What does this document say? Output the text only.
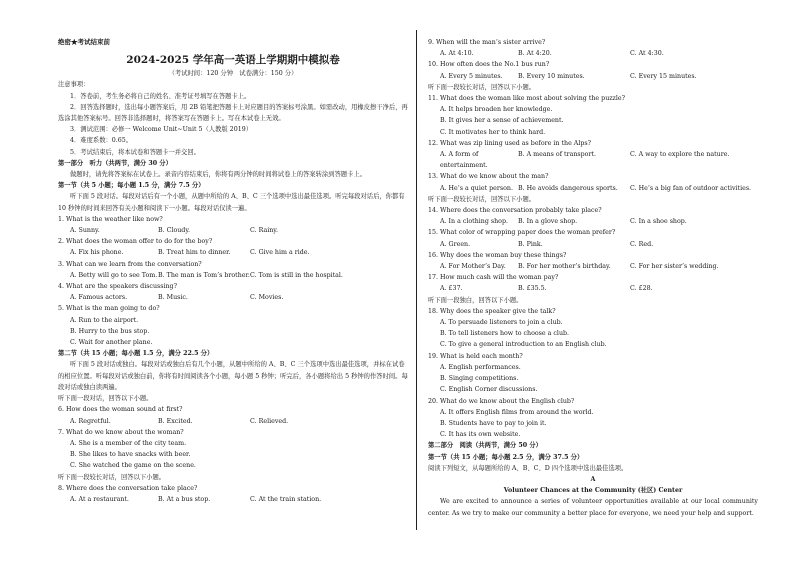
绝密★考试结束前
2024-2025 学年高一英语上学期期中模拟卷
（考试时间：120 分钟　试卷满分：150 分）
注意事项：
1．答卷前，考生务必将自己的姓名、准考证号填写在答题卡上。
2．回答选择题时，选出每小题答案后，用 2B 铅笔把答题卡上对应题目的答案标号涂黑。如需改动，用橡皮擦干净后，再选涂其他答案标号。回答非选择题时，将答案写在答题卡上。写在本试卷上无效。
3．测试范围：必修一 Welcome Unit~Unit 5（人教版 2019）
4．难度系数：0.65。
5．考试结束后，将本试卷和答题卡一并交回。
第一部分　听力（共两节，满分 30 分）
做题时，请先将答案标在试卷上。录音内容结束后，你将有两分钟的时间将试卷上的答案转涂到答题卡上。
第一节（共 5 小题；每小题 1.5 分，满分 7.5 分）
听下面 5 段对话。每段对话后有一个小题，从题中所给的 A、B、C 三个选项中选出最佳选项。听完每段对话后，你都有 10 秒钟的时间来回答有关小题和阅读下一小题。每段对话仅读一遍。
1. What is the weather like now?
A. Sunny.	B. Cloudy.	C. Rainy.
2. What does the woman offer to do for the boy?
A. Fix his phone.	B. Treat him to dinner.	C. Give him a ride.
3. What can we learn from the conversation?
A. Betty will go to see Tom. B. The man is Tom’s brother. C. Tom is still in the hospital.
4. What are the speakers discussing?
A. Famous actors.	B. Music.	C. Movies.
5. What is the man going to do?
A. Run to the airport.
B. Hurry to the bus stop.
C. Wait for another plane.
第二节（共 15 小题；每小题 1.5 分，满分 22.5 分）
听下面 5 段对话或独白。每段对话或独白后有几个小题，从题中所给的 A、B、C 三个选项中选出最佳选项，并标在试卷的相应位置。听每段对话或独白前，你将有时间阅读各个小题，每小题 5 秒钟；听完后，各小题将给出 5 秒钟的作答时间。每段对话或独白读两遍。
听下面一段对话，回答以下小题。
6. How does the woman sound at first?
A. Regretful.	B. Excited.	C. Relieved.
7. What do we know about the woman?
A. She is a member of the city team.
B. She likes to have snacks with beer.
C. She watched the game on the scene.
听下面一段较长对话，回答以下小题。
8. Where does the conversation take place?
A. At a restaurant.	B. At a bus stop.	C. At the train station.
9. When will the man’s sister arrive?
A. At 4:10.	B. At 4:20.	C. At 4:30.
10. How often does the No.1 bus run?
A. Every 5 minutes.	B. Every 10 minutes.	C. Every 15 minutes.
听下面一段较长对话，回答以下小题。
11. What does the woman like most about solving the puzzle?
A. It helps broaden her knowledge.
B. It gives her a sense of achievement.
C. It motivates her to think hard.
12. What was zip lining used as before in the Alps?
A. A form of entertainment.
B. A means of transport.	C. A way to explore the nature.
13. What do we know about the man?
A. He’s a quiet person. B. He avoids dangerous sports.	C. He’s a big fan of outdoor activities.
听下面一段较长对话，回答以下小题。
14. Where does the conversation probably take place?
A. In a clothing shop.	B. In a glove shop.	C. In a shoe shop.
15. What color of wrapping paper does the woman prefer?
A. Green.	B. Pink.	C. Red.
16. Why does the woman buy these things?
A. For Mother’s Day.	B. For her mother’s birthday.	C. For her sister’s wedding.
17. How much cash will the woman pay?
A. £37.	B. £35.5.	C. £28.
听下面一段独白，回答以下小题。
18. Why does the speaker give the talk?
A. To persuade listeners to join a club.
B. To tell listeners how to choose a club.
C. To give a general introduction to an English club.
19. What is held each month?
A. English performances.
B. Singing competitions.
C. English Corner discussions.
20. What do we know about the English club?
A. It offers English films from around the world.
B. Students have to pay to join it.
C. It has its own website.
第二部分　阅读（共两节，满分 50 分）
第一节（共 15 小题；每小题 2.5 分，满分 37.5 分）
阅读下列短文，从每题所给的 A、B、C、D 四个选项中选出最佳选项。
A
Volunteer Chances at the Community (社区) Center
We are excited to announce a series of volunteer opportunities available at our local community center. As we try to make our community a better place for everyone, we need your help and support.
